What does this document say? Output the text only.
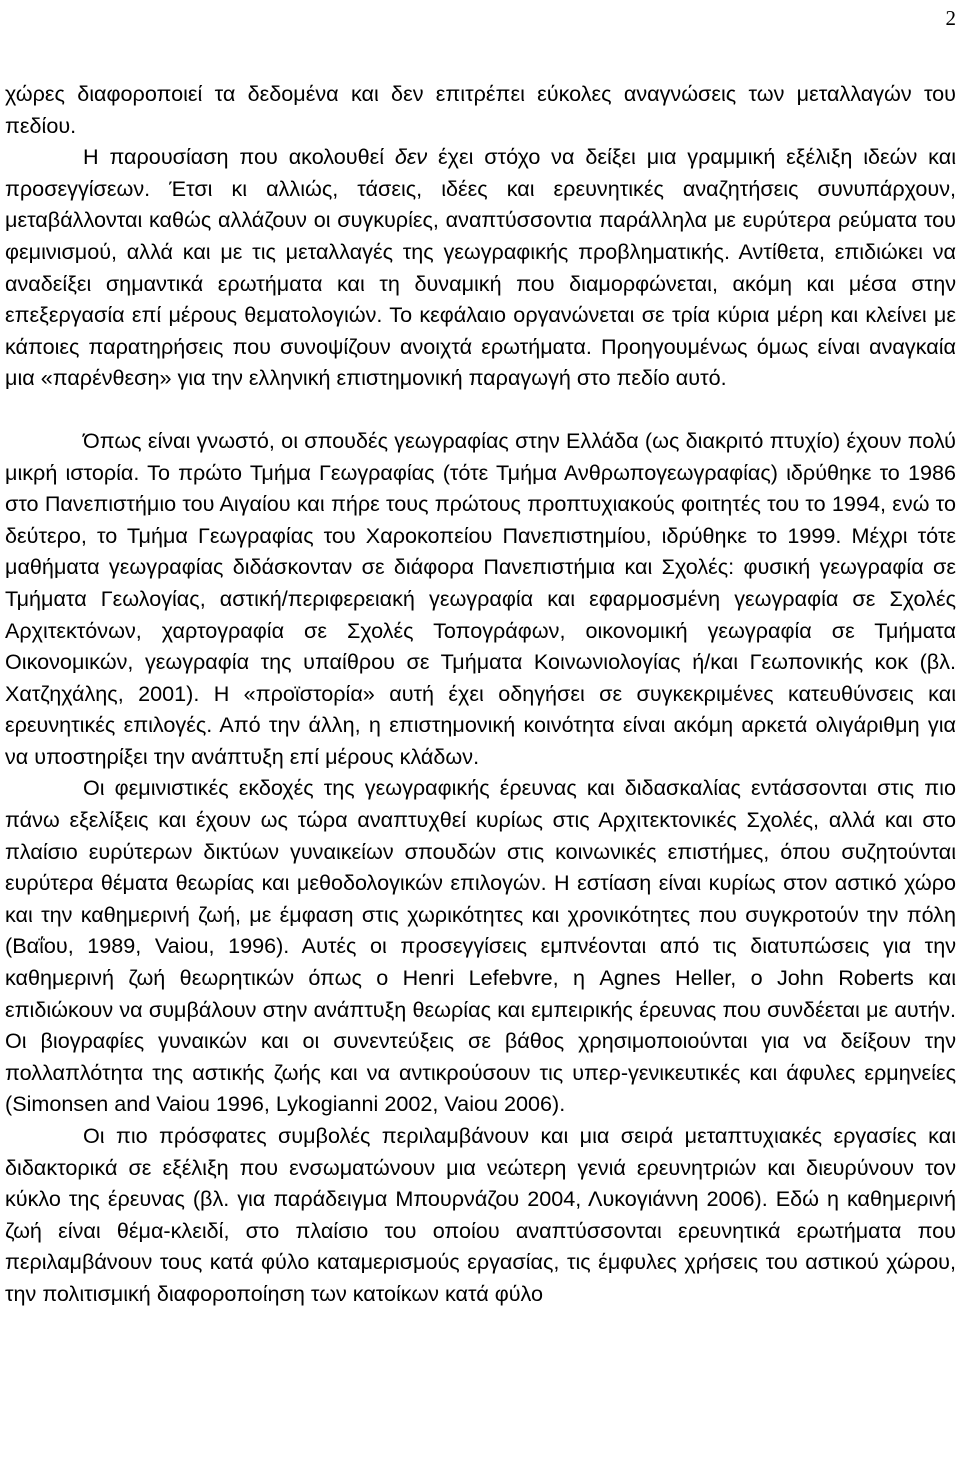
2

χώρες διαφοροποιεί τα δεδομένα και δεν επιτρέπει εύκολες αναγνώσεις των μεταλλαγών του πεδίου.

Η παρουσίαση που ακολουθεί δεν έχει στόχο να δείξει μια γραμμική εξέλιξη ιδεών και προσεγγίσεων. Έτσι κι αλλιώς, τάσεις, ιδέες και ερευνητικές αναζητήσεις συνυπάρχουν, μεταβάλλονται καθώς αλλάζουν οι συγκυρίες, αναπτύσσοντια παράλληλα με ευρύτερα ρεύματα του φεμινισμού, αλλά και με τις μεταλλαγές της γεωγραφικής προβληματικής. Αντίθετα, επιδιώκει να αναδείξει σημαντικά ερωτήματα και τη δυναμική που διαμορφώνεται, ακόμη και μέσα στην επεξεργασία επί μέρους θεματολογιών. Το κεφάλαιο οργανώνεται σε τρία κύρια μέρη και κλείνει με κάποιες παρατηρήσεις που συνοψίζουν ανοιχτά ερωτήματα. Προηγουμένως όμως είναι αναγκαία μια «παρένθεση» για την ελληνική επιστημονική παραγωγή στο πεδίο αυτό.

Όπως είναι γνωστό, οι σπουδές γεωγραφίας στην Ελλάδα (ως διακριτό πτυχίο) έχουν πολύ μικρή ιστορία. Το πρώτο Τμήμα Γεωγραφίας (τότε Τμήμα Ανθρωπογεωγραφίας) ιδρύθηκε το 1986 στο Πανεπιστήμιο του Αιγαίου και πήρε τους πρώτους προπτυχιακούς φοιτητές του το 1994, ενώ το δεύτερο, το Τμήμα Γεωγραφίας του Χαροκοπείου Πανεπιστημίου, ιδρύθηκε το 1999. Μέχρι τότε μαθήματα γεωγραφίας διδάσκονταν σε διάφορα Πανεπιστήμια και Σχολές: φυσική γεωγραφία σε Τμήματα Γεωλογίας, αστική/περιφερειακή γεωγραφία και εφαρμοσμένη γεωγραφία σε Σχολές Αρχιτεκτόνων, χαρτογραφία σε Σχολές Τοπογράφων, οικονομική γεωγραφία σε Τμήματα Οικονομικών, γεωγραφία της υπαίθρου σε Τμήματα Κοινωνιολογίας ή/και Γεωπονικής κοκ (βλ. Χατζηχάλης, 2001). Η «προϊστορία» αυτή έχει οδηγήσει σε συγκεκριμένες κατευθύνσεις και ερευνητικές επιλογές. Από την άλλη, η επιστημονική κοινότητα είναι ακόμη αρκετά ολιγάριθμη για να υποστηρίξει την ανάπτυξη επί μέρους κλάδων.

Οι φεμινιστικές εκδοχές της γεωγραφικής έρευνας και διδασκαλίας εντάσσονται στις πιο πάνω εξελίξεις και έχουν ως τώρα αναπτυχθεί κυρίως στις Αρχιτεκτονικές Σχολές, αλλά και στο πλαίσιο ευρύτερων δικτύων γυναικείων σπουδών στις κοινωνικές επιστήμες, όπου συζητούνται ευρύτερα θέματα θεωρίας και μεθοδολογικών επιλογών. Η εστίαση είναι κυρίως στον αστικό χώρο και την καθημερινή ζωή, με έμφαση στις χωρικότητες και χρονικότητες που συγκροτούν την πόλη (Βαΐου, 1989, Vaiou, 1996). Αυτές οι προσεγγίσεις εμπνέονται από τις διατυπώσεις για την καθημερινή ζωή θεωρητικών όπως ο Henri Lefebvre, η Agnes Heller, ο John Roberts και επιδιώκουν να συμβάλουν στην ανάπτυξη θεωρίας και εμπειρικής έρευνας που συνδέεται με αυτήν. Οι βιογραφίες γυναικών και οι συνεντεύξεις σε βάθος χρησιμοποιούνται για να δείξουν την πολλαπλότητα της αστικής ζωής και να αντικρούσουν τις υπερ-γενικευτικές και άφυλες ερμηνείες (Simonsen and Vaiou 1996, Lykogianni 2002, Vaiou 2006).

Οι πιο πρόσφατες συμβολές περιλαμβάνουν και μια σειρά μεταπτυχιακές εργασίες και διδακτορικά σε εξέλιξη που ενσωματώνουν μια νεώτερη γενιά ερευνητριών και διευρύνουν τον κύκλο της έρευνας (βλ. για παράδειγμα Μπουρνάζου 2004, Λυκογιάννη 2006). Εδώ η καθημερινή ζωή είναι θέμα-κλειδί, στο πλαίσιο του οποίου αναπτύσσονται ερευνητικά ερωτήματα που περιλαμβάνουν τους κατά φύλο καταμερισμούς εργασίας, τις έμφυλες χρήσεις του αστικού χώρου, την πολιτισμική διαφοροποίηση των κατοίκων κατά φύλο
